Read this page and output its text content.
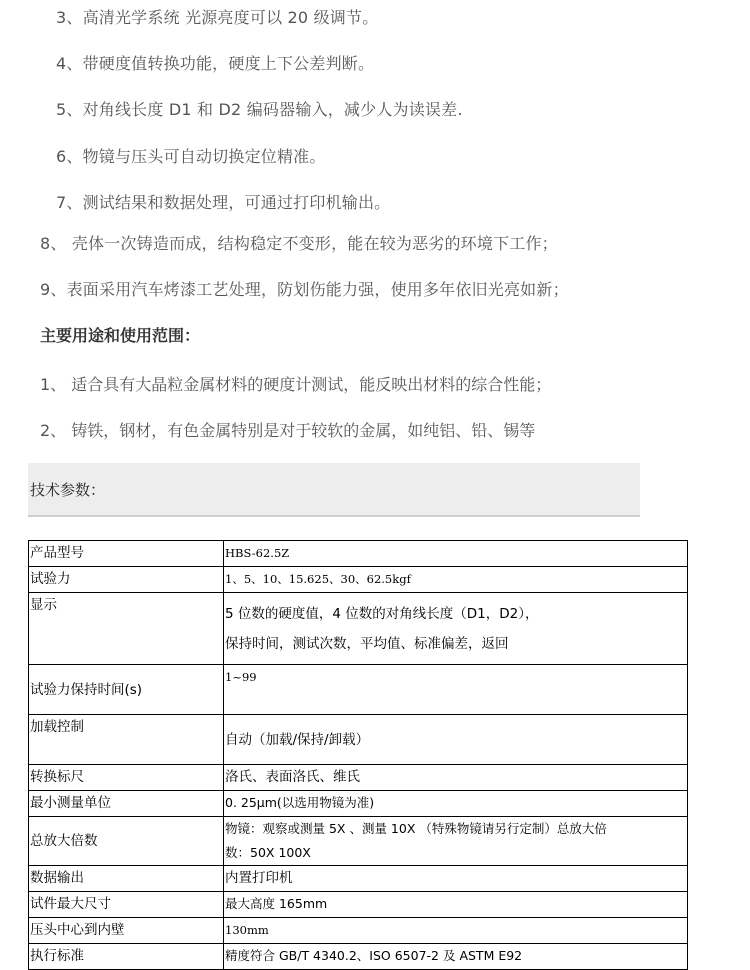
3、高清光学系统 光源亮度可以 20 级调节。
4、带硬度值转换功能，硬度上下公差判断。
5、对角线长度 D1 和 D2 编码器输入，减少人为读误差.
6、物镜与压头可自动切换定位精准。
7、测试结果和数据处理，可通过打印机输出。
8、 壳体一次铸造而成，结构稳定不变形，能在较为恶劣的环境下工作；
9、表面采用汽车烤漆工艺处理，防划伤能力强，使用多年依旧光亮如新；
主要用途和使用范围：
1、 适合具有大晶粒金属材料的硬度计测试，能反映出材料的综合性能；
2、 铸铁，钢材，有色金属特别是对于较软的金属，如纯铝、铅、锡等
技术参数：
产品型号	HBS-62.5Z
试验力	1、5、10、15.625、30、62.5kgf
显示	5 位数的硬度值，4 位数的对角线长度（D1，D2），
保持时间，测试次数，平均值、标准偏差，返回

试验力保持时间(s)	1~99
加载控制	自动（加载/保持/卸载）
转换标尺	洛氏、表面洛氏、维氏
最小测量单位	0. 25μm(以选用物镜为准)
总放大倍数	物镜：观察或测量 5X 、测量 10X （特殊物镜请另行定制）总放大倍
数：50X 100X

数据输出	内置打印机
试件最大尺寸	最大高度 165mm
压头中心到内壁	130mm
执行标准	精度符合 GB/T 4340.2、ISO 6507-2 及 ASTM E92
